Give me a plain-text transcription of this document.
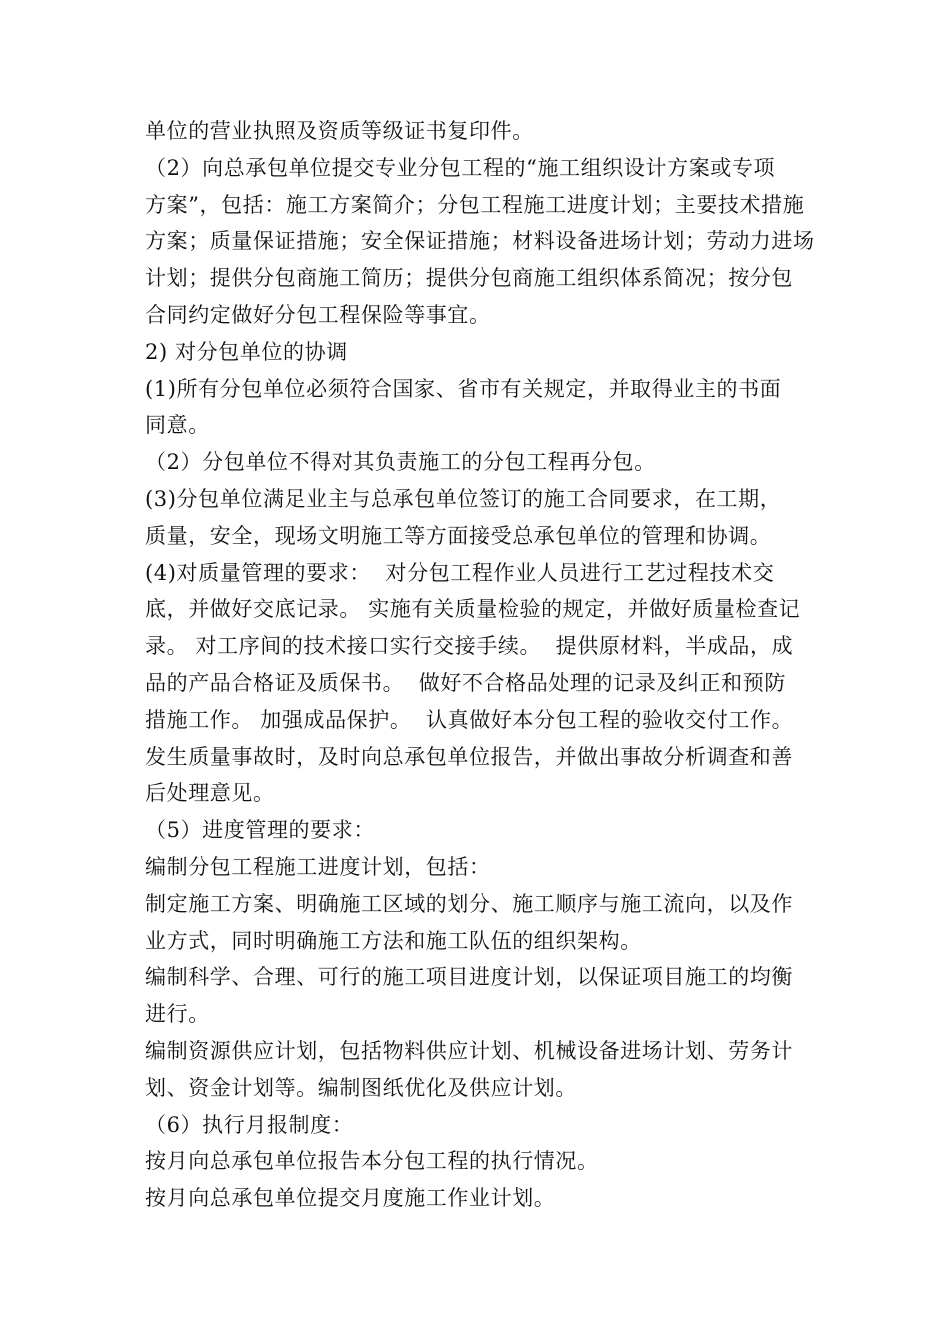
单位的营业执照及资质等级证书复印件。
（2）向总承包单位提交专业分包工程的“施工组织设计方案或专项
方案”，包括：施工方案简介；分包工程施工进度计划；主要技术措施
方案；质量保证措施；安全保证措施；材料设备进场计划；劳动力进场
计划；提供分包商施工简历；提供分包商施工组织体系简况；按分包
合同约定做好分包工程保险等事宜。
2) 对分包单位的协调
(1)所有分包单位必须符合国家、省市有关规定，并取得业主的书面
同意。
（2）分包单位不得对其负责施工的分包工程再分包。
(3)分包单位满足业主与总承包单位签订的施工合同要求，在工期，
质量，安全，现场文明施工等方面接受总承包单位的管理和协调。
(4)对质量管理的要求：  对分包工程作业人员进行工艺过程技术交
底，并做好交底记录。 实施有关质量检验的规定，并做好质量检查记
录。 对工序间的技术接口实行交接手续。  提供原材料，半成品，成
品的产品合格证及质保书。  做好不合格品处理的记录及纠正和预防
措施工作。 加强成品保护。  认真做好本分包工程的验收交付工作。
发生质量事故时，及时向总承包单位报告，并做出事故分析调查和善
后处理意见。
（5）进度管理的要求：
编制分包工程施工进度计划，包括：
制定施工方案、明确施工区域的划分、施工顺序与施工流向，以及作
业方式，同时明确施工方法和施工队伍的组织架构。
编制科学、合理、可行的施工项目进度计划，以保证项目施工的均衡
进行。
编制资源供应计划，包括物料供应计划、机械设备进场计划、劳务计
划、资金计划等。编制图纸优化及供应计划。
（6）执行月报制度：
按月向总承包单位报告本分包工程的执行情况。
按月向总承包单位提交月度施工作业计划。
